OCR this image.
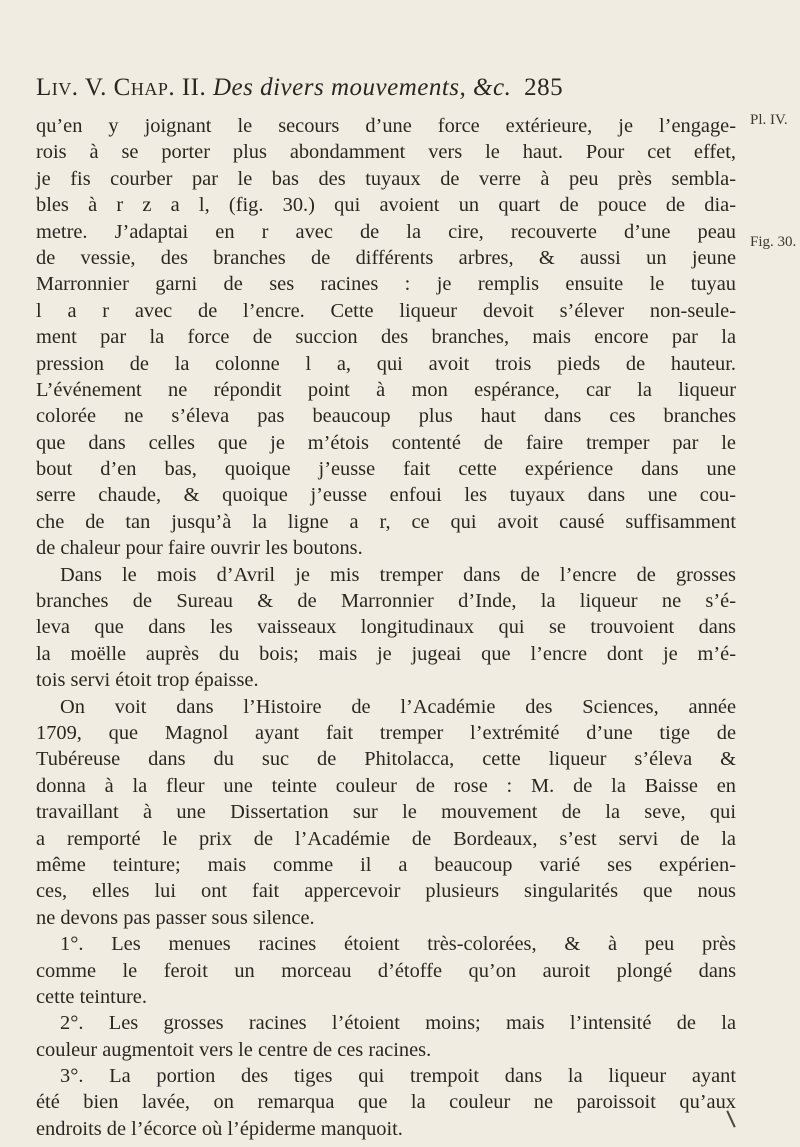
Liv. V. Chap. II. Des divers mouvements, &c. 285
Pl. IV.
Fig. 30.
qu’en y joignant le secours d’une force extérieure, je l’engage-
rois à se porter plus abondamment vers le haut. Pour cet effet,
je fis courber par le bas des tuyaux de verre à peu près sembla-
bles à r z a l, (fig. 30.) qui avoient un quart de pouce de dia-
metre. J’adaptai en r avec de la cire, recouverte d’une peau
de vessie, des branches de différents arbres, & aussi un jeune
Marronnier garni de ses racines : je remplis ensuite le tuyau
l a r avec de l’encre. Cette liqueur devoit s’élever non-seule-
ment par la force de succion des branches, mais encore par la
pression de la colonne l a, qui avoit trois pieds de hauteur.
L’événement ne répondit point à mon espérance, car la liqueur
colorée ne s’éleva pas beaucoup plus haut dans ces branches
que dans celles que je m’étois contenté de faire tremper par le
bout d’en bas, quoique j’eusse fait cette expérience dans une
serre chaude, & quoique j’eusse enfoui les tuyaux dans une cou-
che de tan jusqu’à la ligne a r, ce qui avoit causé suffisamment
de chaleur pour faire ouvrir les boutons.
Dans le mois d’Avril je mis tremper dans de l’encre de grosses
branches de Sureau & de Marronnier d’Inde, la liqueur ne s’é-
leva que dans les vaisseaux longitudinaux qui se trouvoient dans
la moëlle auprès du bois; mais je jugeai que l’encre dont je m’é-
tois servi étoit trop épaisse.
On voit dans l’Histoire de l’Académie des Sciences, année
1709, que Magnol ayant fait tremper l’extrémité d’une tige de
Tubéreuse dans du suc de Phitolacca, cette liqueur s’éleva &
donna à la fleur une teinte couleur de rose : M. de la Baisse en
travaillant à une Dissertation sur le mouvement de la seve, qui
a remporté le prix de l’Académie de Bordeaux, s’est servi de la
même teinture; mais comme il a beaucoup varié ses expérien-
ces, elles lui ont fait appercevoir plusieurs singularités que nous
ne devons pas passer sous silence.
1°. Les menues racines étoient très-colorées, & à peu près
comme le feroit un morceau d’étoffe qu’on auroit plongé dans
cette teinture.
2°. Les grosses racines l’étoient moins; mais l’intensité de la
couleur augmentoit vers le centre de ces racines.
3°. La portion des tiges qui trempoit dans la liqueur ayant
été bien lavée, on remarqua que la couleur ne paroissoit qu’aux
endroits de l’écorce où l’épiderme manquoit.
